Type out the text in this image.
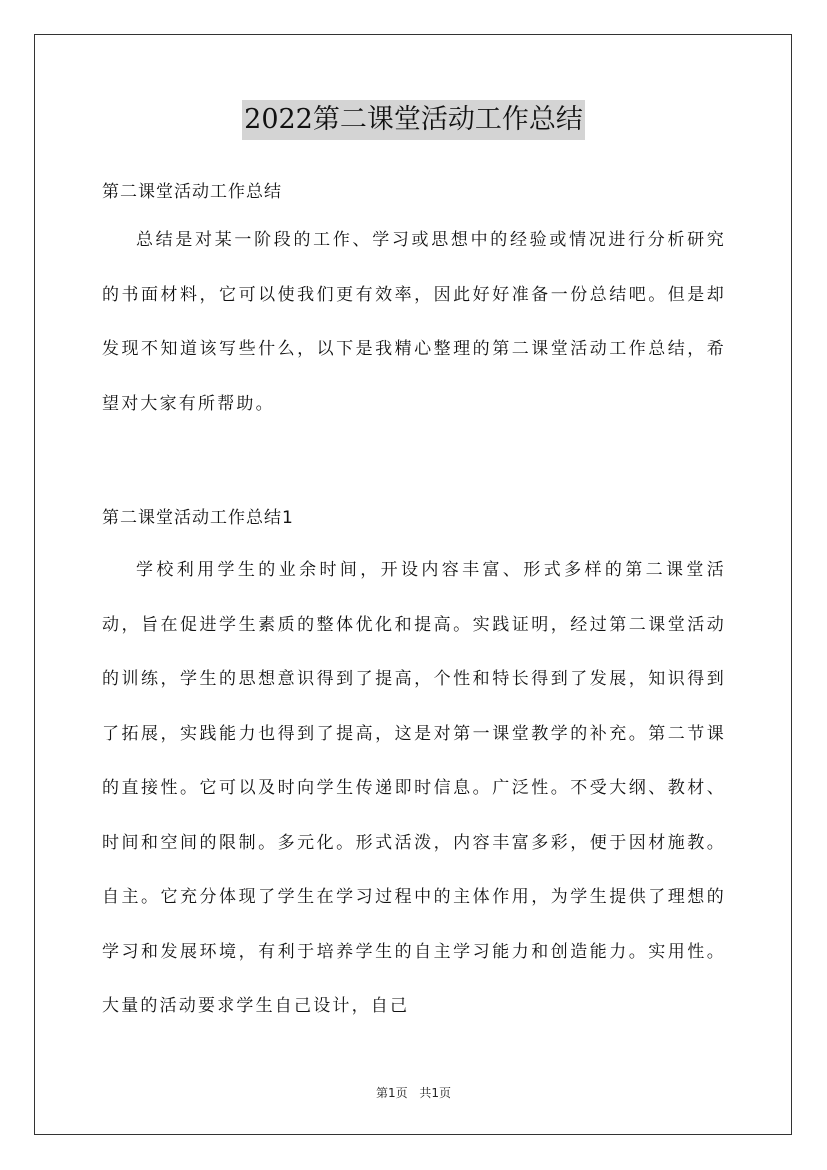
2022第二课堂活动工作总结
第二课堂活动工作总结

总结是对某一阶段的工作、学习或思想中的经验或情况进行分析研究的书面材料，它可以使我们更有效率，因此好好准备一份总结吧。但是却发现不知道该写些什么，以下是我精心整理的第二课堂活动工作总结，希望对大家有所帮助。

第二课堂活动工作总结1

学校利用学生的业余时间，开设内容丰富、形式多样的第二课堂活动，旨在促进学生素质的整体优化和提高。实践证明，经过第二课堂活动的训练，学生的思想意识得到了提高，个性和特长得到了发展，知识得到了拓展，实践能力也得到了提高，这是对第一课堂教学的补充。第二节课的直接性。它可以及时向学生传递即时信息。广泛性。不受大纲、教材、时间和空间的限制。多元化。形式活泼，内容丰富多彩，便于因材施教。自主。它充分体现了学生在学习过程中的主体作用，为学生提供了理想的学习和发展环境，有利于培养学生的自主学习能力和创造能力。实用性。大量的活动要求学生自己设计，自己

第1页 共1页
